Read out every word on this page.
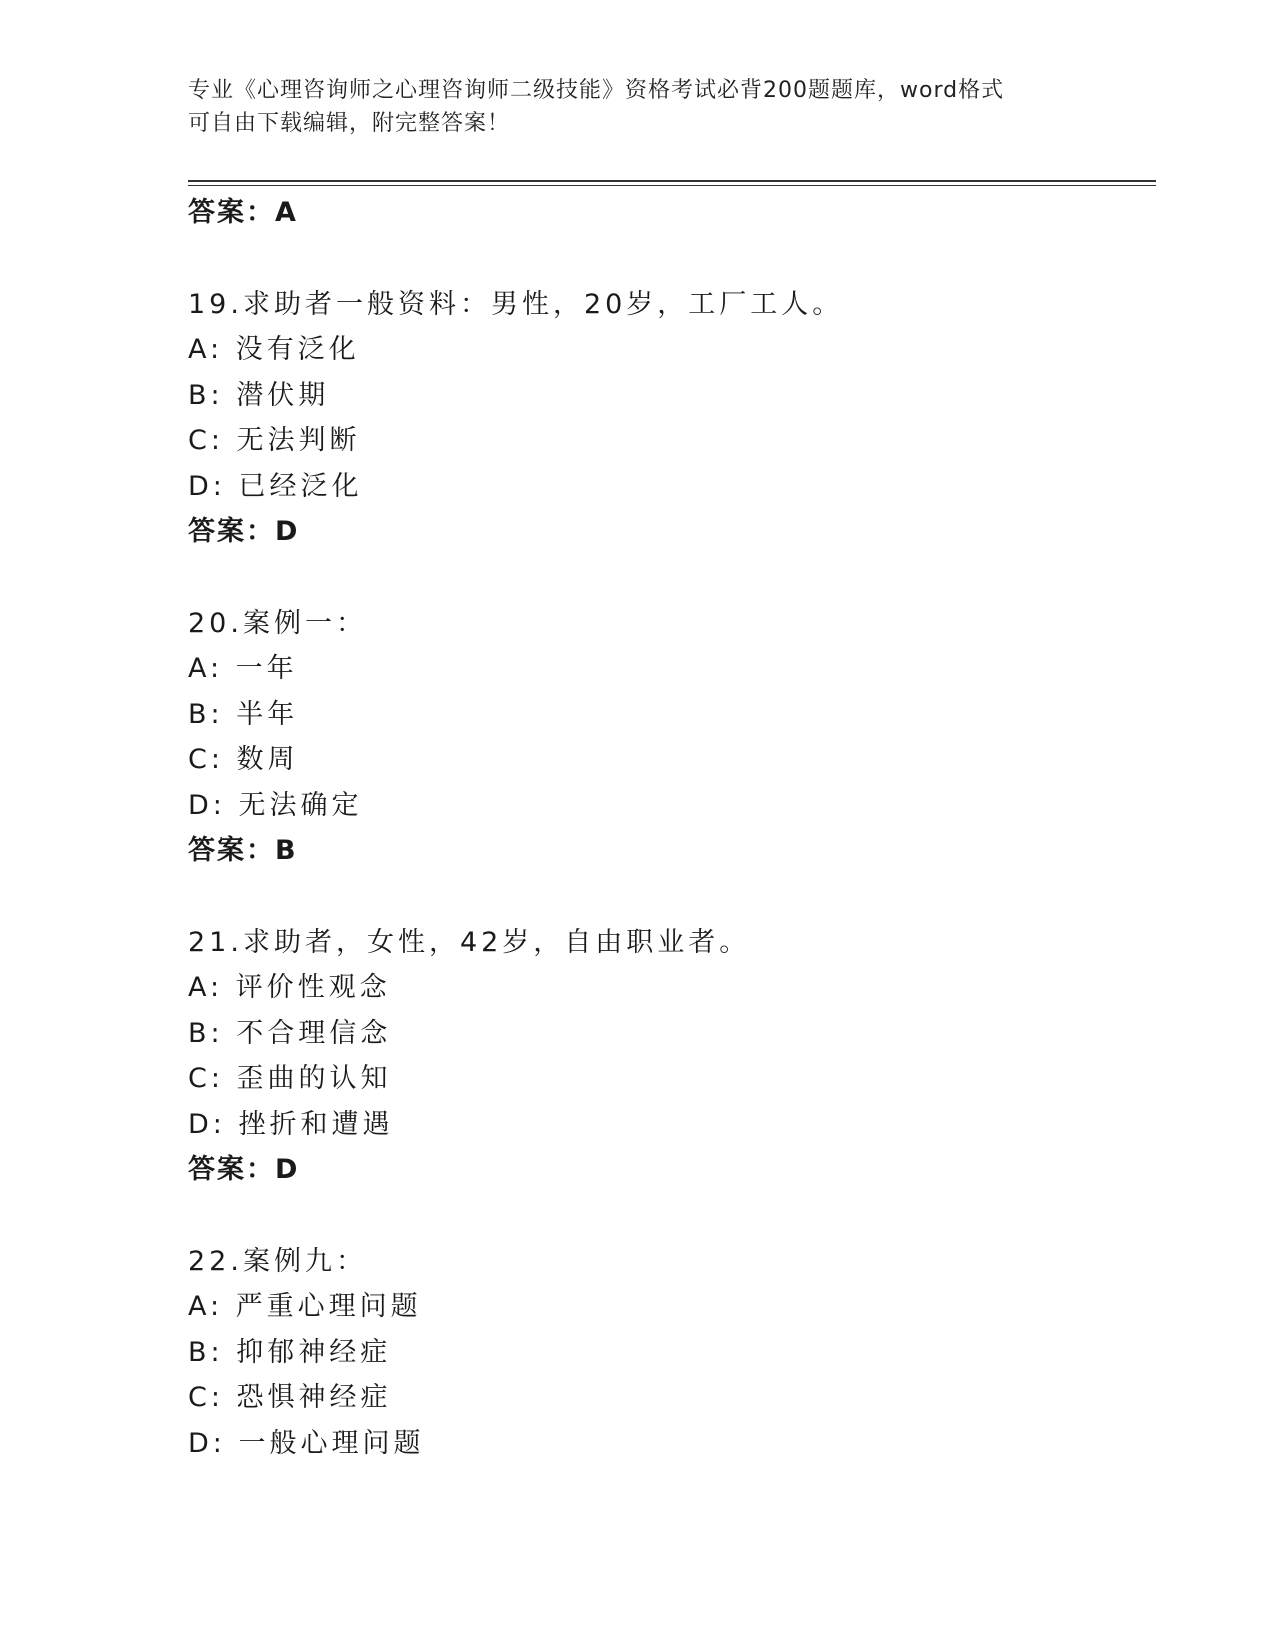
专业《心理咨询师之心理咨询师二级技能》资格考试必背200题题库，word格式
可自由下载编辑，附完整答案！
答案：A
19.求助者一般资料：男性，20岁，工厂工人。
A: 没有泛化
B: 潜伏期
C: 无法判断
D: 已经泛化
答案：D
20.案例一：
A: 一年
B: 半年
C: 数周
D: 无法确定
答案：B
21.求助者，女性，42岁，自由职业者。
A: 评价性观念
B: 不合理信念
C: 歪曲的认知
D: 挫折和遭遇
答案：D
22.案例九：
A: 严重心理问题
B: 抑郁神经症
C: 恐惧神经症
D: 一般心理问题
